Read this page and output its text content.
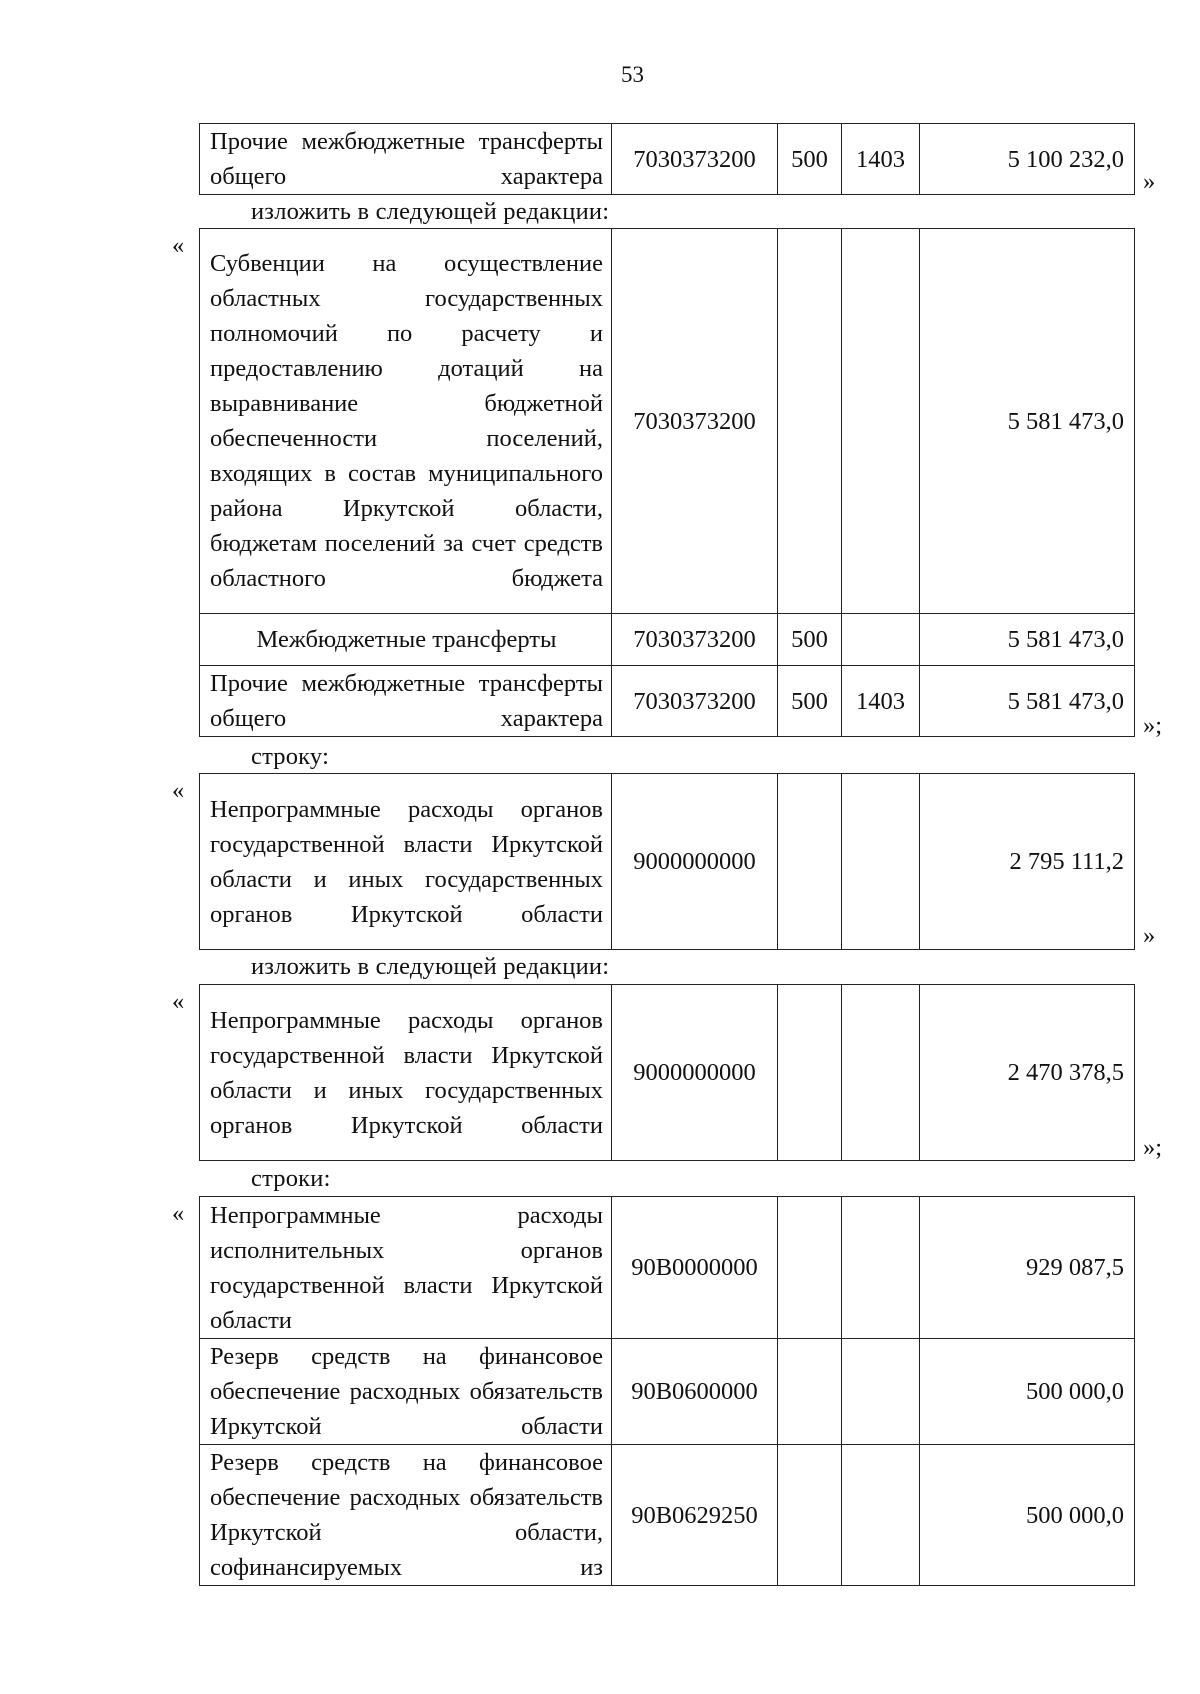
53
Прочие межбюджетные трансферты общего характера	7030373200	500	1403	5 100 232,0
»
изложить в следующей редакции:
«
Субвенции на осуществление областных государственных полномочий по расчету и предоставлению дотаций на выравнивание бюджетной обеспеченности поселений, входящих в состав муниципального района Иркутской области, бюджетам поселений за счет средств областного бюджета	7030373200			5 581 473,0
Межбюджетные трансферты	7030373200	500		5 581 473,0
Прочие межбюджетные трансферты общего характера	7030373200	500	1403	5 581 473,0
»;
строку:
«
Непрограммные расходы органов государственной власти Иркутской области и иных государственных органов Иркутской области	9000000000			2 795 111,2
»
изложить в следующей редакции:
«
Непрограммные расходы органов государственной власти Иркутской области и иных государственных органов Иркутской области	9000000000			2 470 378,5
»;
строки:
« Непрограммные расходы исполнительных органов государственной власти Иркутской области	90В0000000			929 087,5
Резерв средств на финансовое обеспечение расходных обязательств Иркутской области	90В0600000			500 000,0
Резерв средств на финансовое обеспечение расходных обязательств Иркутской области, софинансируемых из	90В0629250			500 000,0
